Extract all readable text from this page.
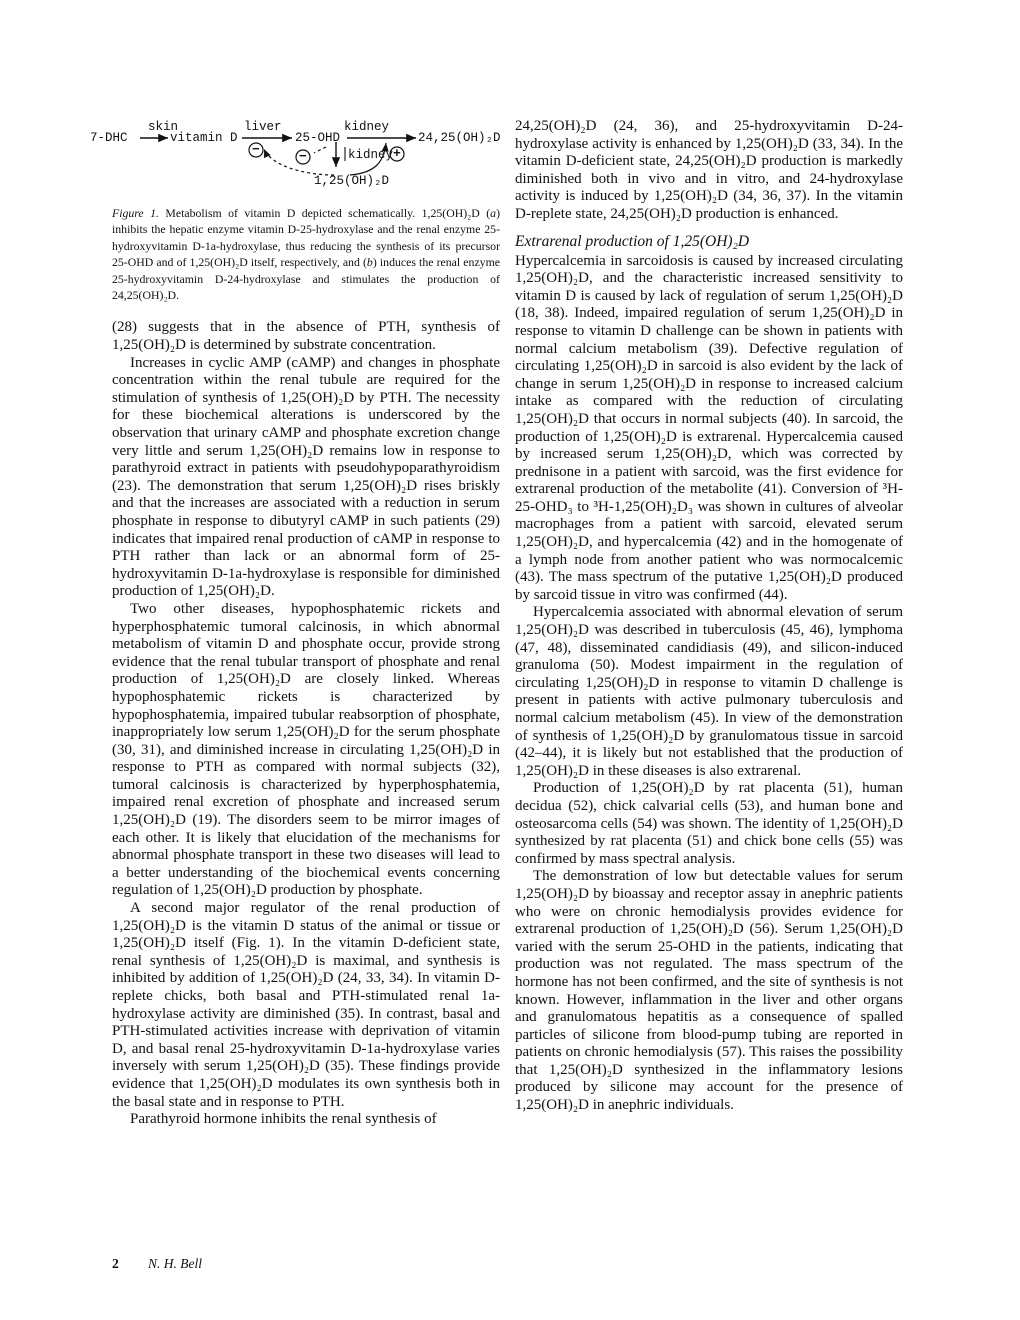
skin	liver	kidney
7-DHC	vitamin D	25-OHD	24,25(OH)₂D
kidney
1,25(OH)₂D
−	−	+

Figure 1. Metabolism of vitamin D depicted schematically. 1,25(OH)₂D (a) inhibits the hepatic enzyme vitamin D-25-hydroxylase and the renal enzyme 25-hydroxyvitamin D-1a-hydroxylase, thus reducing the synthesis of its precursor 25-OHD and of 1,25(OH)₂D itself, respectively, and (b) induces the renal enzyme 25-hydroxyvitamin D-24-hydroxylase and stimulates the production of 24,25(OH)₂D.

(28) suggests that in the absence of PTH, synthesis of 1,25(OH)₂D is determined by substrate concentration.

Increases in cyclic AMP (cAMP) and changes in phosphate concentration within the renal tubule are required for the stimulation of synthesis of 1,25(OH)₂D by PTH. The necessity for these biochemical alterations is underscored by the observation that urinary cAMP and phosphate excretion change very little and serum 1,25(OH)₂D remains low in response to parathyroid extract in patients with pseudohypoparathyroidism (23). The demonstration that serum 1,25(OH)₂D rises briskly and that the increases are associated with a reduction in serum phosphate in response to dibutyryl cAMP in such patients (29) indicates that impaired renal production of cAMP in response to PTH rather than lack or an abnormal form of 25-hydroxyvitamin D-1a-hydroxylase is responsible for diminished production of 1,25(OH)₂D.

Two other diseases, hypophosphatemic rickets and hyperphosphatemic tumoral calcinosis, in which abnormal metabolism of vitamin D and phosphate occur, provide strong evidence that the renal tubular transport of phosphate and renal production of 1,25(OH)₂D are closely linked. Whereas hypophosphatemic rickets is characterized by hypophosphatemia, impaired tubular reabsorption of phosphate, inappropriately low serum 1,25(OH)₂D for the serum phosphate (30, 31), and diminished increase in circulating 1,25(OH)₂D in response to PTH as compared with normal subjects (32), tumoral calcinosis is characterized by hyperphosphatemia, impaired renal excretion of phosphate and increased serum 1,25(OH)₂D (19). The disorders seem to be mirror images of each other. It is likely that elucidation of the mechanisms for abnormal phosphate transport in these two diseases will lead to a better understanding of the biochemical events concerning regulation of 1,25(OH)₂D production by phosphate.

A second major regulator of the renal production of 1,25(OH)₂D is the vitamin D status of the animal or tissue or 1,25(OH)₂D itself (Fig. 1). In the vitamin D-deficient state, renal synthesis of 1,25(OH)₂D is maximal, and synthesis is inhibited by addition of 1,25(OH)₂D (24, 33, 34). In vitamin D-replete chicks, both basal and PTH-stimulated renal 1a-hydroxylase activity are diminished (35). In contrast, basal and PTH-stimulated activities increase with deprivation of vitamin D, and basal renal 25-hydroxyvitamin D-1a-hydroxylase varies inversely with serum 1,25(OH)₂D (35). These findings provide evidence that 1,25(OH)₂D modulates its own synthesis both in the basal state and in response to PTH.

Parathyroid hormone inhibits the renal synthesis of

24,25(OH)₂D (24, 36), and 25-hydroxyvitamin D-24-hydroxylase activity is enhanced by 1,25(OH)₂D (33, 34). In the vitamin D-deficient state, 24,25(OH)₂D production is markedly diminished both in vivo and in vitro, and 24-hydroxylase activity is induced by 1,25(OH)₂D (34, 36, 37). In the vitamin D-replete state, 24,25(OH)₂D production is enhanced.

Extrarenal production of 1,25(OH)₂D

Hypercalcemia in sarcoidosis is caused by increased circulating 1,25(OH)₂D, and the characteristic increased sensitivity to vitamin D is caused by lack of regulation of serum 1,25(OH)₂D (18, 38). Indeed, impaired regulation of serum 1,25(OH)₂D in response to vitamin D challenge can be shown in patients with normal calcium metabolism (39). Defective regulation of circulating 1,25(OH)₂D in sarcoid is also evident by the lack of change in serum 1,25(OH)₂D in response to increased calcium intake as compared with the reduction of circulating 1,25(OH)₂D that occurs in normal subjects (40). In sarcoid, the production of 1,25(OH)₂D is extrarenal. Hypercalcemia caused by increased serum 1,25(OH)₂D, which was corrected by prednisone in a patient with sarcoid, was the first evidence for extrarenal production of the metabolite (41). Conversion of ³H-25-OHD₃ to ³H-1,25(OH)₂D₃ was shown in cultures of alveolar macrophages from a patient with sarcoid, elevated serum 1,25(OH)₂D, and hypercalcemia (42) and in the homogenate of a lymph node from another patient who was normocalcemic (43). The mass spectrum of the putative 1,25(OH)₂D produced by sarcoid tissue in vitro was confirmed (44).

Hypercalcemia associated with abnormal elevation of serum 1,25(OH)₂D was described in tuberculosis (45, 46), lymphoma (47, 48), disseminated candidiasis (49), and silicon-induced granuloma (50). Modest impairment in the regulation of circulating 1,25(OH)₂D in response to vitamin D challenge is present in patients with active pulmonary tuberculosis and normal calcium metabolism (45). In view of the demonstration of synthesis of 1,25(OH)₂D by granulomatous tissue in sarcoid (42–44), it is likely but not established that the production of 1,25(OH)₂D in these diseases is also extrarenal.

Production of 1,25(OH)₂D by rat placenta (51), human decidua (52), chick calvarial cells (53), and human bone and osteosarcoma cells (54) was shown. The identity of 1,25(OH)₂D synthesized by rat placenta (51) and chick bone cells (55) was confirmed by mass spectral analysis.

The demonstration of low but detectable values for serum 1,25(OH)₂D by bioassay and receptor assay in anephric patients who were on chronic hemodialysis provides evidence for extrarenal production of 1,25(OH)₂D (56). Serum 1,25(OH)₂D varied with the serum 25-OHD in the patients, indicating that production was not regulated. The mass spectrum of the hormone has not been confirmed, and the site of synthesis is not known. However, inflammation in the liver and other organs and granulomatous hepatitis as a consequence of spalled particles of silicone from blood-pump tubing are reported in patients on chronic hemodialysis (57). This raises the possibility that 1,25(OH)₂D synthesized in the inflammatory lesions produced by silicone may account for the presence of 1,25(OH)₂D in anephric individuals.

2 N. H. Bell
